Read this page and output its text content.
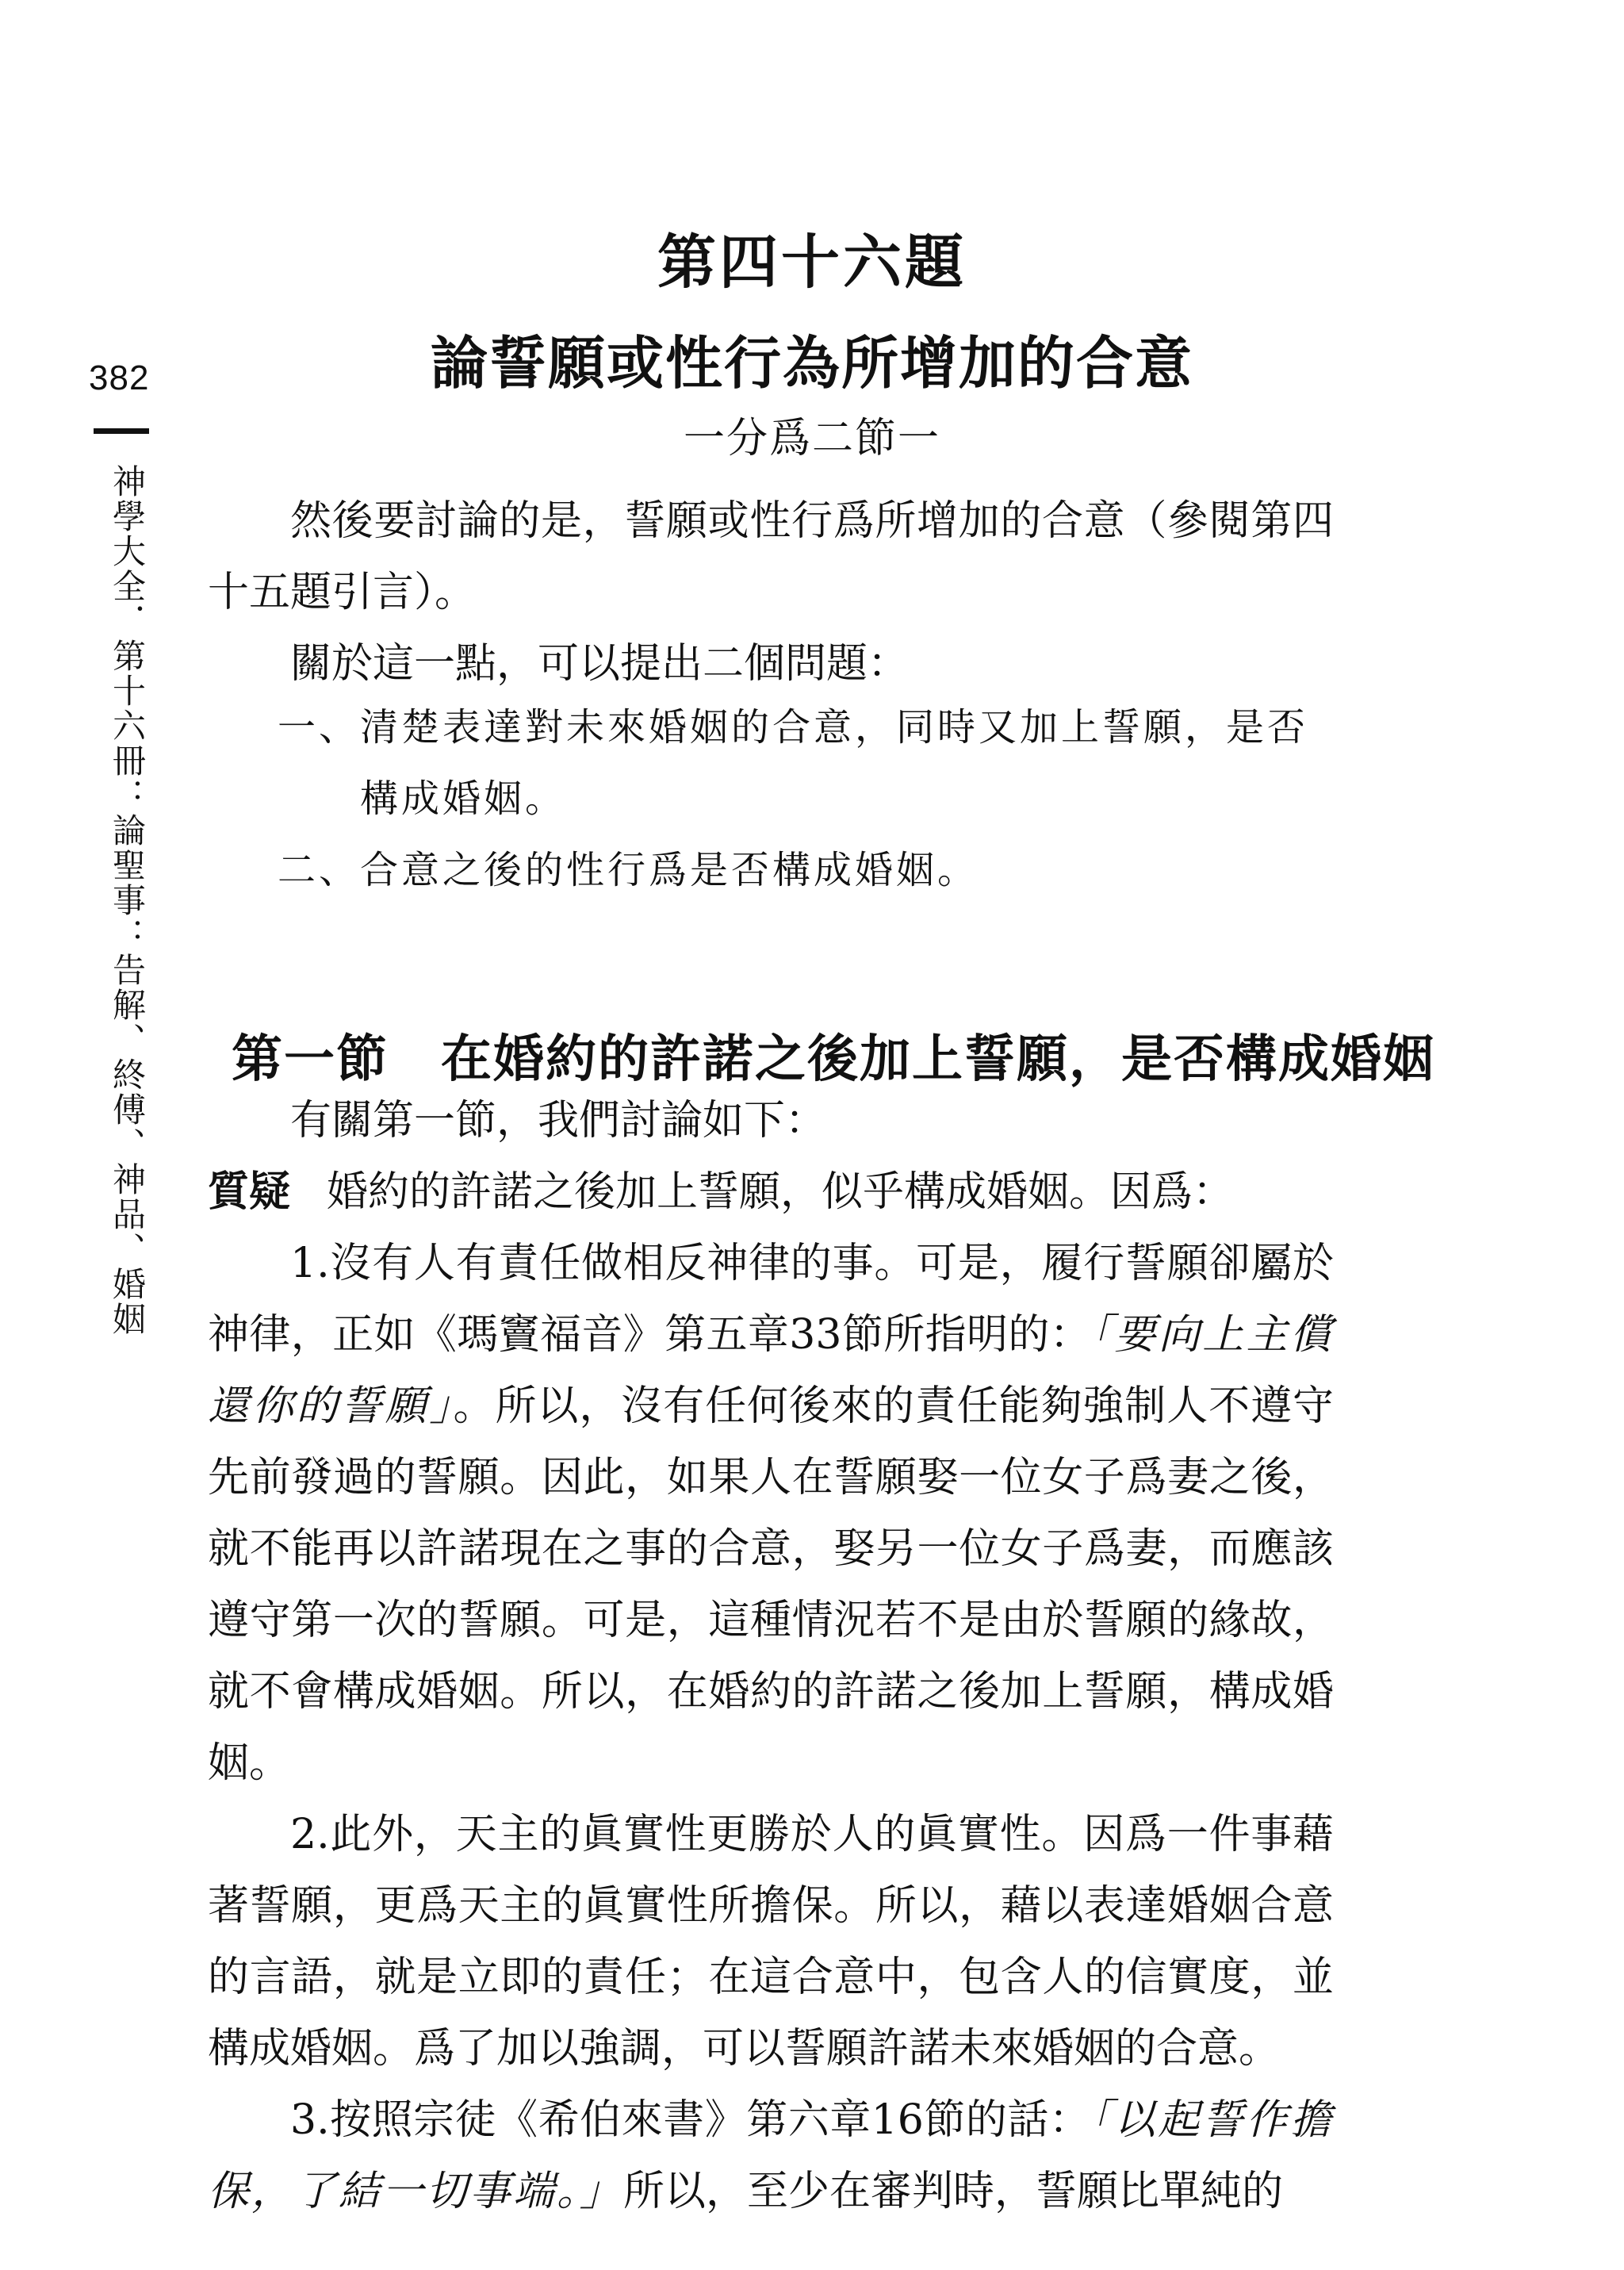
382
神學大全．第十六冊：論聖事：告解、終傅、神品、婚姻
第四十六題
論誓願或性行為所增加的合意
一分爲二節一

然後要討論的是，誓願或性行爲所增加的合意（參閱第四十五題引言）。

關於這一點，可以提出二個問題：

一、清楚表達對未來婚姻的合意，同時又加上誓願，是否構成婚姻。

二、合意之後的性行爲是否構成婚姻。

第一節　在婚約的許諾之後加上誓願，是否構成婚姻

有關第一節，我們討論如下：

質疑 婚約的許諾之後加上誓願，似乎構成婚姻。因爲：

1.沒有人有責任做相反神律的事。可是，履行誓願卻屬於神律，正如《瑪竇福音》第五章33節所指明的：「要向上主償還你的誓願」。所以，沒有任何後來的責任能夠強制人不遵守先前發過的誓願。因此，如果人在誓願娶一位女子爲妻之後，就不能再以許諾現在之事的合意，娶另一位女子爲妻，而應該遵守第一次的誓願。可是，這種情況若不是由於誓願的緣故，就不會構成婚姻。所以，在婚約的許諾之後加上誓願，構成婚姻。

2.此外，天主的眞實性更勝於人的眞實性。因爲一件事藉著誓願，更爲天主的眞實性所擔保。所以，藉以表達婚姻合意的言語，就是立即的責任；在這合意中，包含人的信實度，並構成婚姻。爲了加以強調，可以誓願許諾未來婚姻的合意。

3.按照宗徒《希伯來書》第六章16節的話：「以起誓作擔保，了結一切事端。」所以，至少在審判時，誓願比單純的
